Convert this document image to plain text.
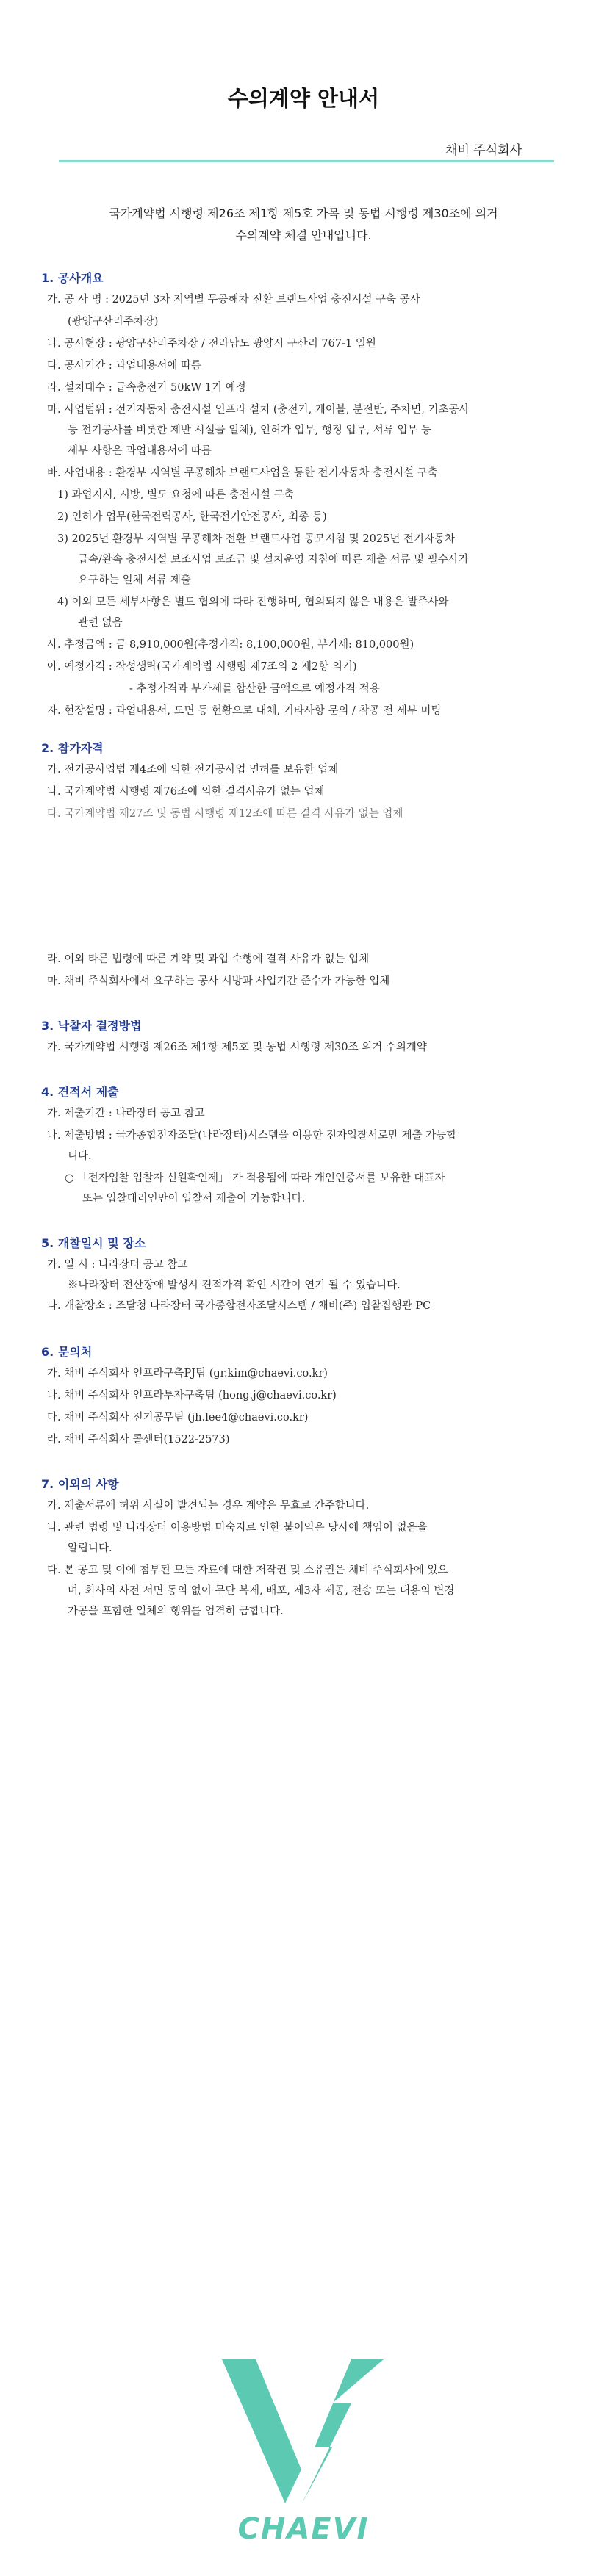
수의계약 안내서
채비 주식회사
국가계약법 시행령 제26조 제1항 제5호 가목 및 동법 시행령 제30조에 의거
수의계약 체결 안내입니다.
1. 공사개요
가. 공 사 명 : 2025년 3차 지역별 무공해차 전환 브랜드사업 충전시설 구축 공사
(광양구산리주차장)
나. 공사현장 : 광양구산리주차장 / 전라남도 광양시 구산리 767-1 일원
다. 공사기간 : 과업내용서에 따름
라. 설치대수 : 급속충전기 50kW 1기 예정
마. 사업범위 : 전기자동차 충전시설 인프라 설치 (충전기, 케이블, 분전반, 주차면, 기초공사
등 전기공사를 비롯한 제반 시설물 일체), 인허가 업무, 행정 업무, 서류 업무 등
세부 사항은 과업내용서에 따름
바. 사업내용 : 환경부 지역별 무공해차 브랜드사업을 통한 전기자동차 충전시설 구축
1) 과업지시, 시방, 별도 요청에 따른 충전시설 구축
2) 인허가 업무(한국전력공사, 한국전기안전공사, 최종 등)
3) 2025년 환경부 지역별 무공해차 전환 브랜드사업 공모지침 및 2025년 전기자동차
급속/완속 충전시설 보조사업 보조금 및 설치운영 지침에 따른 제출 서류 및 필수사가
요구하는 일체 서류 제출
4) 이외 모든 세부사항은 별도 협의에 따라 진행하며, 협의되지 않은 내용은 발주사와
관련 없음
사. 추정금액 : 금 8,910,000원(추정가격: 8,100,000원, 부가세: 810,000원)
아. 예정가격 : 작성생략(국가계약법 시행령 제7조의 2 제2항 의거)
- 추정가격과 부가세를 합산한 금액으로 예정가격 적용
자. 현장설명 : 과업내용서, 도면 등 현황으로 대체, 기타사항 문의 / 착공 전 세부 미팅
2. 참가자격
가. 전기공사업법 제4조에 의한 전기공사업 면허를 보유한 업체
나. 국가계약법 시행령 제76조에 의한 결격사유가 없는 업체
다. 국가계약법 제27조 및 동법 시행령 제12조에 따른 결격 사유가 없는 업체
라. 이외 타른 법령에 따른 계약 및 과업 수행에 결격 사유가 없는 업체
마. 채비 주식회사에서 요구하는 공사 시방과 사업기간 준수가 가능한 업체
3. 낙찰자 결정방법
가. 국가계약법 시행령 제26조 제1항 제5호 및 동법 시행령 제30조 의거 수의계약
4. 견적서 제출
가. 제출기간 : 나라장터 공고 참고
나. 제출방법 : 국가종합전자조달(나라장터)시스템을 이용한 전자입찰서로만 제출 가능합
니다.
○ 「전자입찰 입찰자 신원확인제」 가 적용됨에 따라 개인인증서를 보유한 대표자
또는 입찰대리인만이 입찰서 제출이 가능합니다.
5. 개찰일시 및 장소
가. 일 시 : 나라장터 공고 참고
※나라장터 전산장애 발생시 견적가격 확인 시간이 연기 될 수 있습니다.
나. 개찰장소 : 조달청 나라장터 국가종합전자조달시스템 / 채비(주) 입찰집행관 PC
6. 문의처
가. 채비 주식회사 인프라구축PJ팀 (gr.kim@chaevi.co.kr)
나. 채비 주식회사 인프라투자구축팀 (hong.j@chaevi.co.kr)
다. 채비 주식회사 전기공무팀 (jh.lee4@chaevi.co.kr)
라. 채비 주식회사 콜센터(1522-2573)
7. 이외의 사항
가. 제출서류에 허위 사실이 발견되는 경우 계약은 무효로 간주합니다.
나. 관련 법령 및 나라장터 이용방법 미숙지로 인한 불이익은 당사에 책임이 없음을
알립니다.
다. 본 공고 및 이에 첨부된 모든 자료에 대한 저작권 및 소유권은 채비 주식회사에 있으
며, 회사의 사전 서면 동의 없이 무단 복제, 배포, 제3자 제공, 전송 또는 내용의 변경
가공을 포함한 일체의 행위를 엄격히 금합니다.
CHAEVI
